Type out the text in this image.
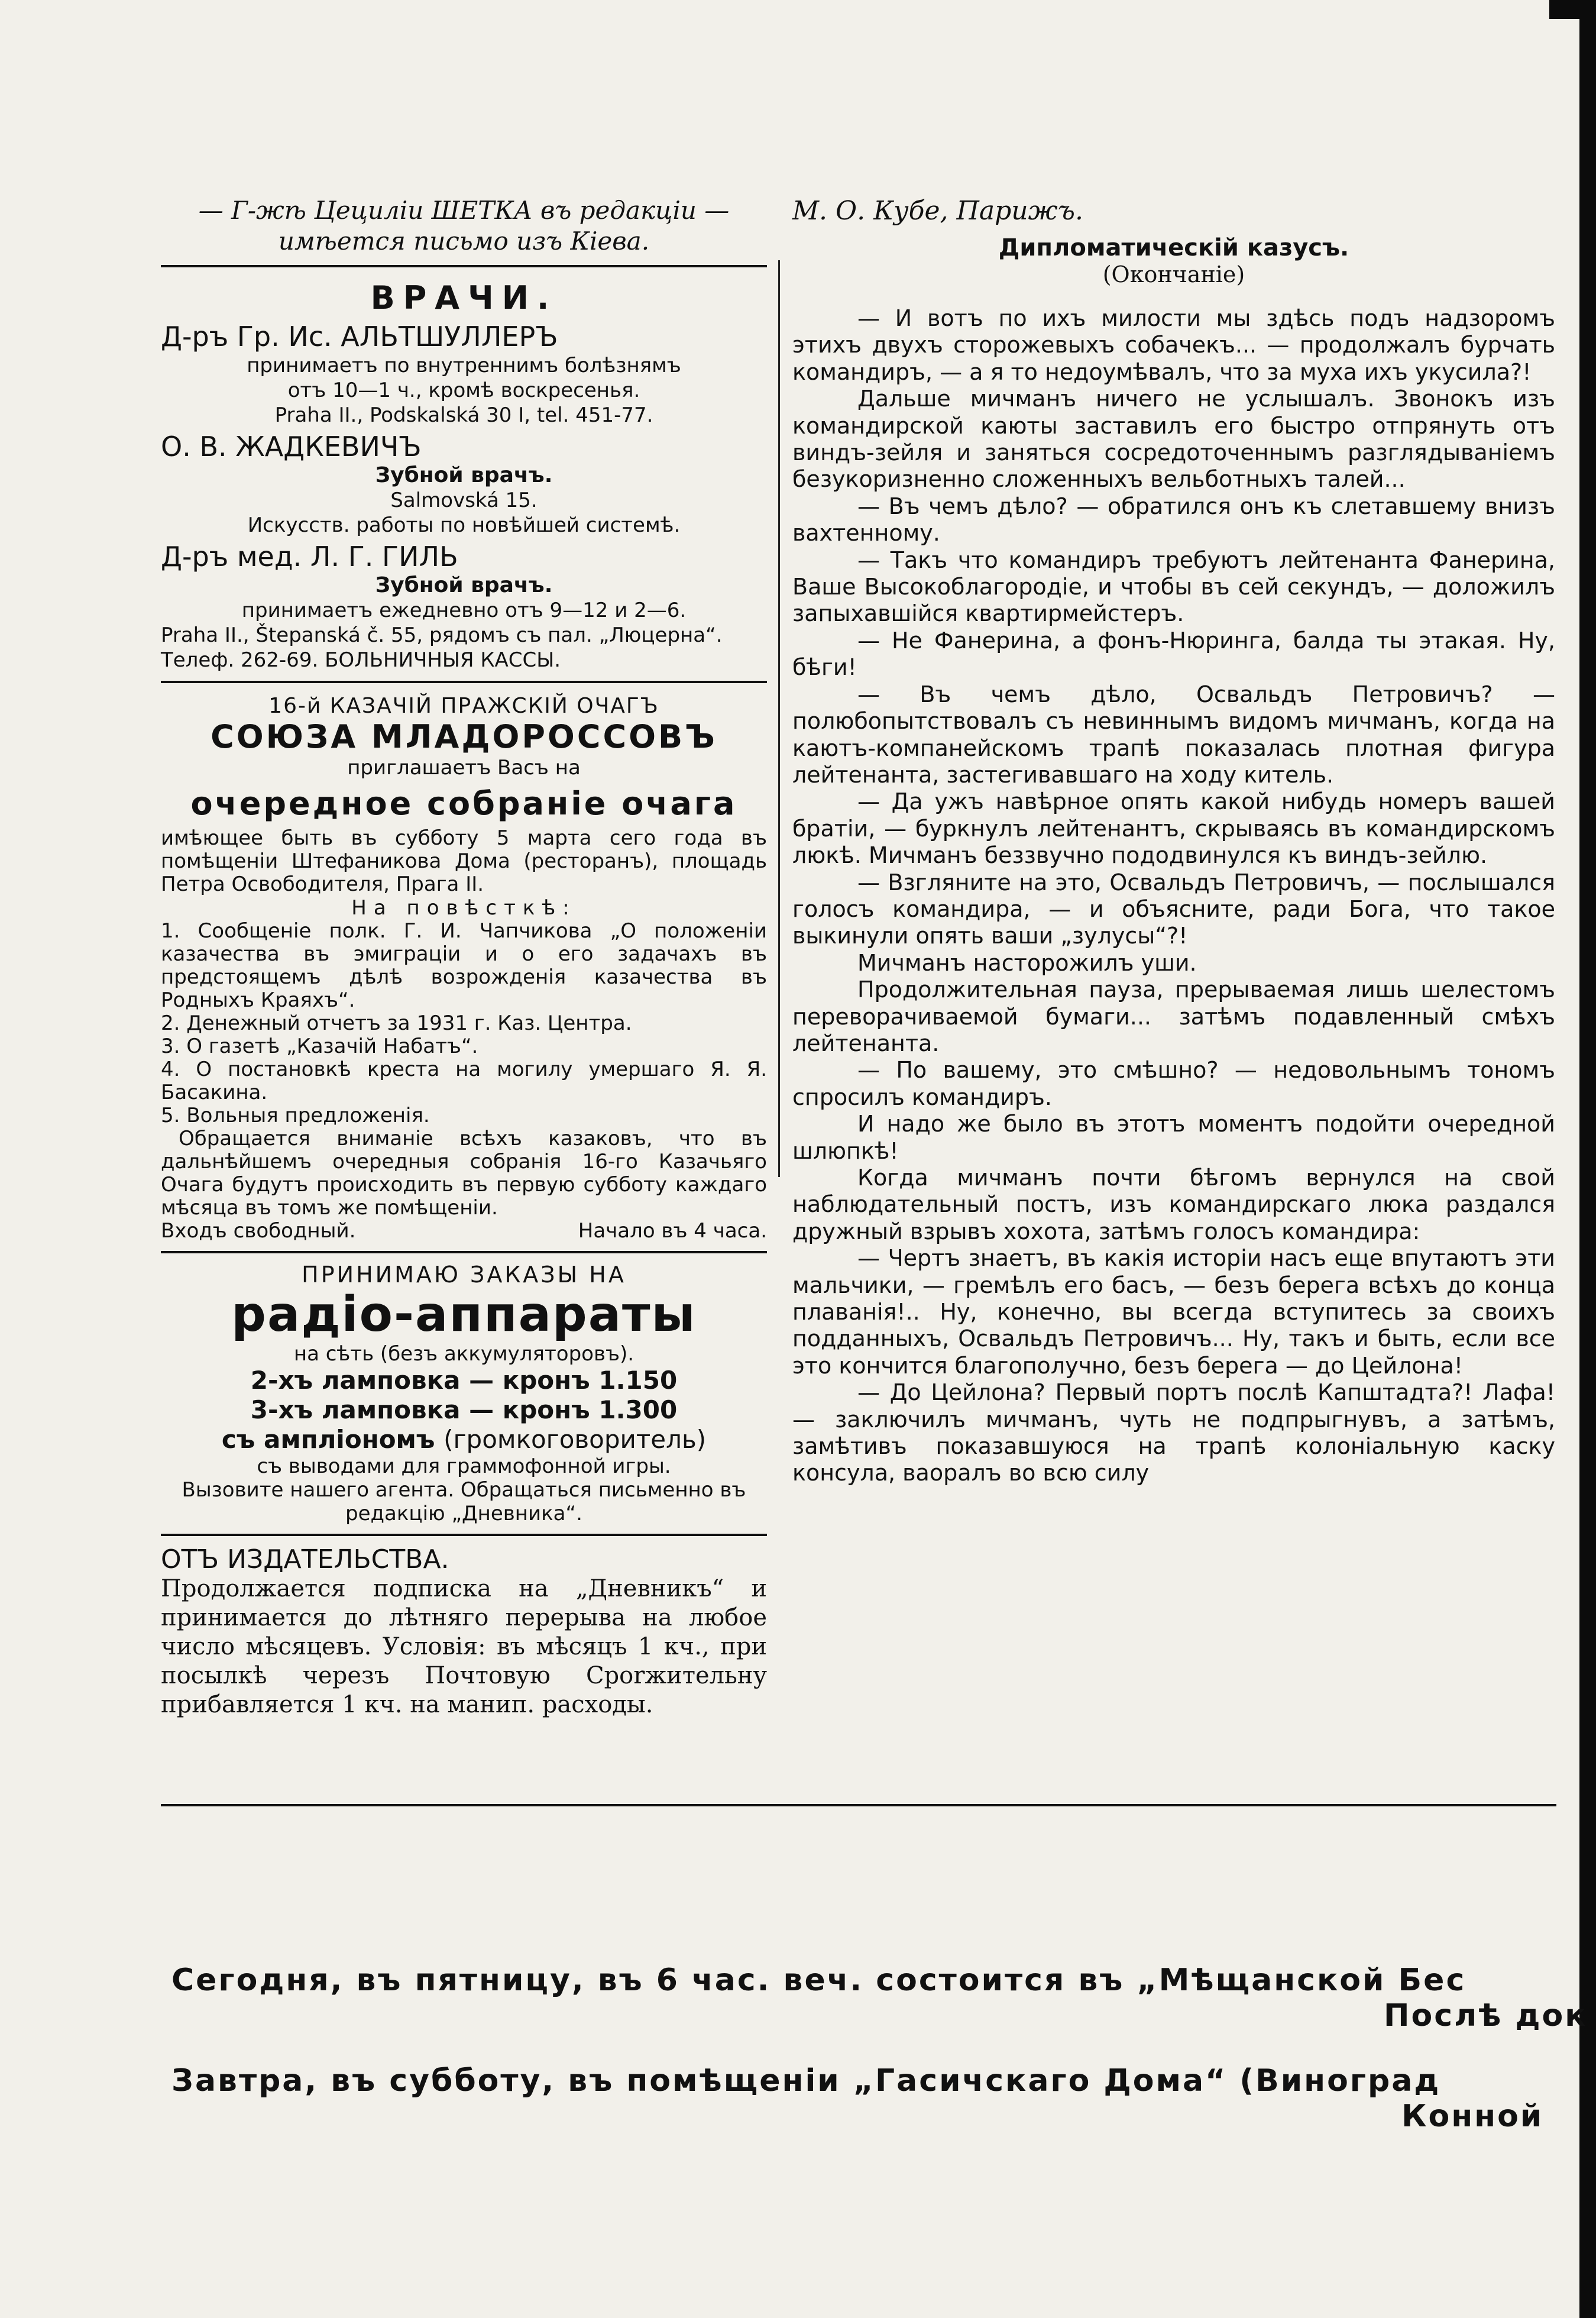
— Г-жѣ Цециліи ШЕТКА въ редакціи —
имѣется письмо изъ Кіева.
ВРАЧИ.
Д-ръ Гр. Ис. АЛЬТШУЛЛЕРЪ
принимаетъ по внутреннимъ болѣзнямъ
отъ 10—1 ч., кромѣ воскресенья.
Praha II., Podskalská 30 I, tel. 451-77.
О. В. ЖАДКЕВИЧЪ
Зубной врачъ.
Salmovská 15.
Искусств. работы по новѣйшей системѣ.
Д-ръ мед. Л. Г. ГИЛЬ
Зубной врачъ.
принимаетъ ежедневно отъ 9—12 и 2—6.
Praha II., Štepanská č. 55, рядомъ съ пал. „Люцерна“. Телеф. 262-69. БОЛЬНИЧНЫЯ КАССЫ.
16-й КАЗАЧІЙ ПРАЖСКІЙ ОЧАГЪ
СОЮЗА МЛАДОРОССОВЪ
приглашаетъ Васъ на
очередное собраніе очага
имѣющее быть въ субботу 5 марта сего года въ помѣщеніи Штефаникова Дома (ресторанъ), площадь Петра Освободителя, Прага II.
На повѣсткѣ:
1. Сообщеніе полк. Г. И. Чапчикова „О положеніи казачества въ эмиграціи и о его задачахъ въ предстоящемъ дѣлѣ возрожденія казачества въ Родныхъ Краяхъ“.
2. Денежный отчетъ за 1931 г. Каз. Центра.
3. О газетѣ „Казачій Набатъ“.
4. О постановкѣ креста на могилу умершаго Я. Я. Басакина.
5. Вольныя предложенія.
Обращается вниманіе всѣхъ казаковъ, что въ дальнѣйшемъ очередныя собранія 16-го Казачьяго Очага будутъ происходить въ первую субботу каждаго мѣсяца въ томъ же помѣщеніи.
Входъ свободный.	Начало въ 4 часа.
ПРИНИМАЮ ЗАКАЗЫ НА
радіо-аппараты
на сѣть (безъ аккумуляторовъ).
2-хъ ламповка — кронъ 1.150
3-хъ ламповка — кронъ 1.300
съ амплiономъ (громкоговоритель)
съ выводами для граммофонной игры.
Вызовите нашего агента. Обращаться письменно въ редакцію „Дневника“.
ОТЪ ИЗДАТЕЛЬСТВА.
Продолжается подписка на „Дневникъ“ и принимается до лѣтняго перерыва на любое число мѣсяцевъ. Условія: въ мѣсяцъ 1 кч., при посылкѣ черезъ Почтовую Сporжительну прибавляется 1 кч. на манип. расходы.
М. О. Кубе, Парижъ.
Дипломатическій казусъ.
(Окончаніе)

— И вотъ по ихъ милости мы здѣсь подъ надзоромъ этихъ двухъ сторожевыхъ собачекъ... — продолжалъ бурчать командиръ, — а я то недоумѣвалъ, что за муха ихъ укусила?!

Дальше мичманъ ничего не услышалъ. Звонокъ изъ командирской каюты заставилъ его быстро отпрянуть отъ виндъ-зейля и заняться сосредоточеннымъ разглядываніемъ безукоризненно сложенныхъ вельботныхъ талей...

— Въ чемъ дѣло? — обратился онъ къ слетавшему внизъ вахтенному.

— Такъ что командиръ требуютъ лейтенанта Фанерина, Ваше Высокоблагородіе, и чтобы въ сей секундъ, — доложилъ запыхавшійся квартирмейстеръ.

— Не Фанерина, а фонъ-Нюринга, балда ты этакая. Ну, бѣги!

— Въ чемъ дѣло, Освальдъ Петровичъ? — полюбопытствовалъ съ невиннымъ видомъ мичманъ, когда на каютъ-компанейскомъ трапѣ показалась плотная фигура лейтенанта, застегивавшаго на ходу китель.

— Да ужъ навѣрное опять какой нибудь номеръ вашей братіи, — буркнулъ лейтенантъ, скрываясь въ командирскомъ люкѣ. Мичманъ беззвучно пододвинулся къ виндъ-зейлю.

— Взгляните на это, Освальдъ Петровичъ, — послышался голосъ командира, — и объясните, ради Бога, что такое выкинули опять ваши „зулусы“?!

Мичманъ насторожилъ уши.

Продолжительная пауза, прерываемая лишь шелестомъ переворачиваемой бумаги... затѣмъ подавленный смѣхъ лейтенанта.

— По вашему, это смѣшно? — недовольнымъ тономъ спросилъ командиръ.

И надо же было въ этотъ моментъ подойти очередной шлюпкѣ!

Когда мичманъ почти бѣгомъ вернулся на свой наблюдательный постъ, изъ командирскаго люка раздался дружный взрывъ хохота, затѣмъ голосъ командира:

— Чертъ знаетъ, въ какія исторiи насъ еще впутаютъ эти мальчики, — гремѣлъ его басъ, — безъ берега всѣхъ до конца плаванія!.. Ну, конечно, вы всегда вступитесь за своихъ подданныхъ, Освальдъ Петровичъ... Ну, такъ и быть, если все это кончится благополучно, безъ берега — до Цейлона!

— До Цейлона? Первый портъ послѣ Капштадта?! Лафа! — заключилъ мичманъ, чуть не подпрыгнувъ, а затѣмъ, замѣтивъ показавшуюся на трапѣ колоніальную каску консула, ваоралъ во всю силу

Сегодня, въ пятницу, въ 6 час. веч. состоится въ „Мѣщанской Бес
Послѣ док
Завтра, въ субботу, въ помѣщеніи „Гасичскаго Дома“ (Виноград
Конной
